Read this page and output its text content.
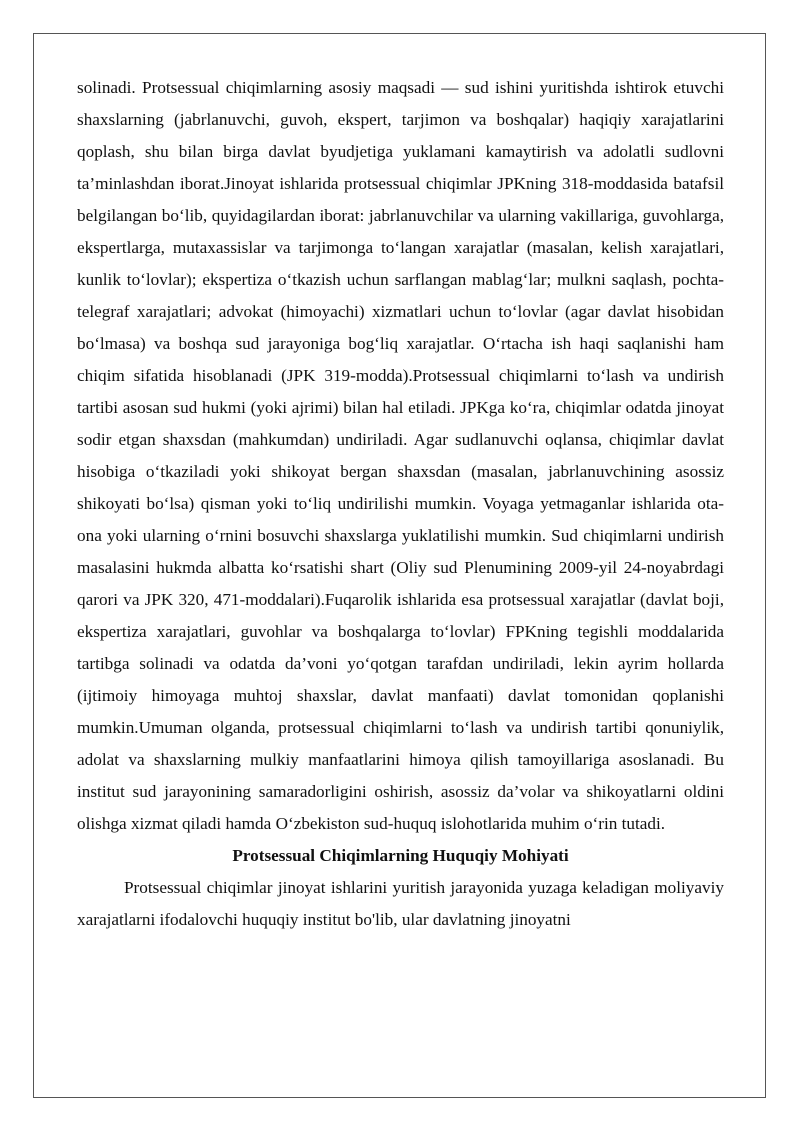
solinadi. Protsessual chiqimlarning asosiy maqsadi — sud ishini yuritishda ishtirok etuvchi shaxslarning (jabrlanuvchi, guvoh, ekspert, tarjimon va boshqalar) haqiqiy xarajatlarini qoplash, shu bilan birga davlat byudjetiga yuklamani kamaytirish va adolatli sudlovni ta’minlashdan iborat.Jinoyat ishlarida protsessual chiqimlar JPKning 318-moddasida batafsil belgilangan bo‘lib, quyidagilardan iborat: jabrlanuvchilar va ularning vakillariga, guvohlarga, ekspertlarga, mutaxassislar va tarjimonga to‘langan xarajatlar (masalan, kelish xarajatlari, kunlik to‘lovlar); ekspertiza o‘tkazish uchun sarflangan mablag‘lar; mulkni saqlash, pochta-telegraf xarajatlari; advokat (himoyachi) xizmatlari uchun to‘lovlar (agar davlat hisobidan bo‘lmasa) va boshqa sud jarayoniga bog‘liq xarajatlar. O‘rtacha ish haqi saqlanishi ham chiqim sifatida hisoblanadi (JPK 319-modda).Protsessual chiqimlarni to‘lash va undirish tartibi asosan sud hukmi (yoki ajrimi) bilan hal etiladi. JPKga ko‘ra, chiqimlar odatda jinoyat sodir etgan shaxsdan (mahkumdan) undiriladi. Agar sudlanuvchi oqlansa, chiqimlar davlat hisobiga o‘tkaziladi yoki shikoyat bergan shaxsdan (masalan, jabrlanuvchining asossiz shikoyati bo‘lsa) qisman yoki to‘liq undirilishi mumkin. Voyaga yetmaganlar ishlarida ota-ona yoki ularning o‘rnini bosuvchi shaxslarga yuklatilishi mumkin. Sud chiqimlarni undirish masalasini hukmda albatta ko‘rsatishi shart (Oliy sud Plenumining 2009-yil 24-noyabrdagi qarori va JPK 320, 471-moddalari).Fuqarolik ishlarida esa protsessual xarajatlar (davlat boji, ekspertiza xarajatlari, guvohlar va boshqalarga to‘lovlar) FPKning tegishli moddalarida tartibga solinadi va odatda da’voni yo‘qotgan tarafdan undiriladi, lekin ayrim hollarda (ijtimoiy himoyaga muhtoj shaxslar, davlat manfaati) davlat tomonidan qoplanishi mumkin.Umuman olganda, protsessual chiqimlarni to‘lash va undirish tartibi qonuniylik, adolat va shaxslarning mulkiy manfaatlarini himoya qilish tamoyillariga asoslanadi. Bu institut sud jarayonining samaradorligini oshirish, asossiz da’volar va shikoyatlarni oldini olishga xizmat qiladi hamda O‘zbekiston sud-huquq islohotlarida muhim o‘rin tutadi.

Protsessual Chiqimlarning Huquqiy Mohiyati

Protsessual chiqimlar jinoyat ishlarini yuritish jarayonida yuzaga keladigan moliyaviy xarajatlarni ifodalovchi huquqiy institut bo'lib, ular davlatning jinoyatni
